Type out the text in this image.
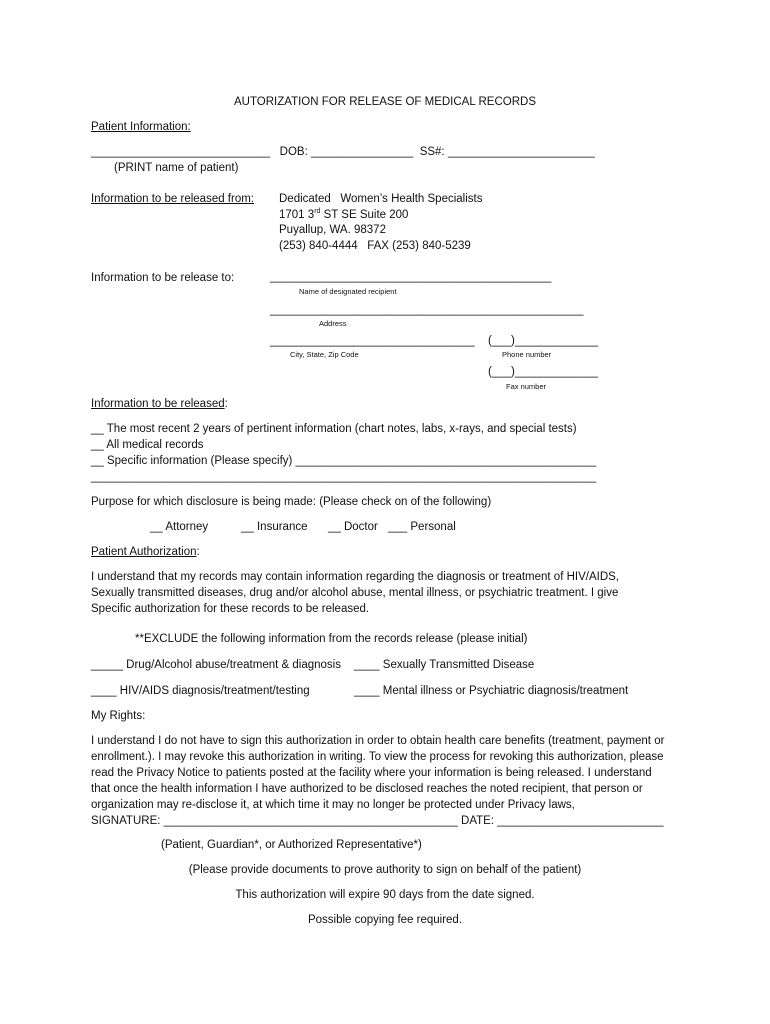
AUTORIZATION FOR RELEASE OF MEDICAL RECORDS
Patient Information:
____________________________   DOB: ________________  SS#: _______________________
(PRINT name of patient)
Information to be released from: Dedicated   Women’s Health Specialists
1701 3rd ST SE Suite 200
Puyallup, WA. 98372
(253) 840-4444   FAX (253) 840-5239
Information to be release to:	____________________________________________
Name of designated recipient
_________________________________________________
Address
________________________________
City, State, Zip Code
(___)_____________
Phone number
(___)_____________
Fax number
Information to be released:
__ The most recent 2 years of pertinent information (chart notes, labs, x-rays, and special tests)
__ All medical records
__ Specific information (Please specify) _______________________________________________
_______________________________________________________________________________
Purpose for which disclosure is being made: (Please check on of the following)
__ Attorney	__ Insurance __ Doctor ___ Personal
Patient Authorization:
I understand that my records may contain information regarding the diagnosis or treatment of HIV/AIDS,
Sexually transmitted diseases, drug and/or alcohol abuse, mental illness, or psychiatric treatment. I give
Specific authorization for these records to be released.
**EXCLUDE the following information from the records release (please initial)
_____ Drug/Alcohol abuse/treatment & diagnosis ____ Sexually Transmitted Disease
____ HIV/AIDS diagnosis/treatment/testing	____ Mental illness or Psychiatric diagnosis/treatment
My Rights:
I understand I do not have to sign this authorization in order to obtain health care benefits (treatment, payment or
enrollment.). I may revoke this authorization in writing. To view the process for revoking this authorization, please
read the Privacy Notice to patients posted at the facility where your information is being released. I understand
that once the health information I have authorized to be disclosed reaches the noted recipient, that person or
organization may re-disclose it, at which time it may no longer be protected under Privacy laws,
SIGNATURE: ______________________________________________ DATE: __________________________
(Patient, Guardian*, or Authorized Representative*)
(Please provide documents to prove authority to sign on behalf of the patient)
This authorization will expire 90 days from the date signed.
Possible copying fee required.
